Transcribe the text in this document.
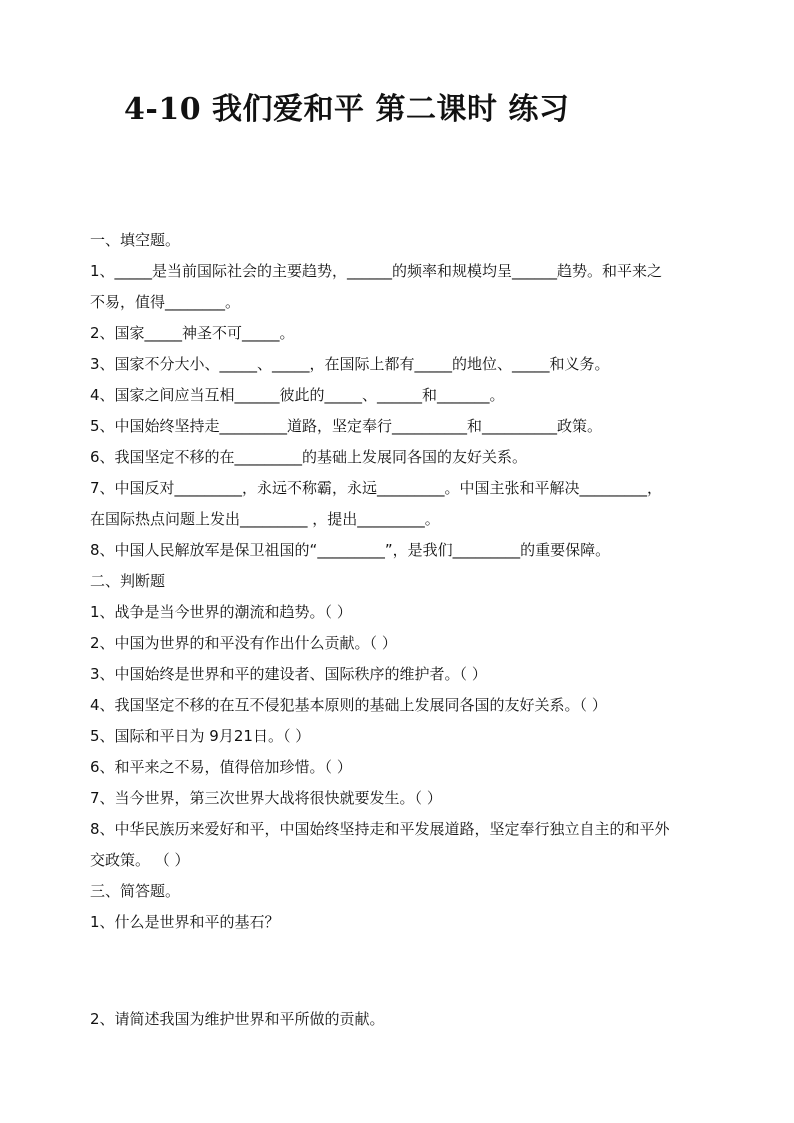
4-10 我们爱和平 第二课时 练习
一、填空题。
1、_____是当前国际社会的主要趋势，______的频率和规模均呈______趋势。和平来之
不易，值得________。
2、国家_____神圣不可_____。
3、国家不分大小、_____、_____，在国际上都有_____的地位、_____和义务。
4、国家之间应当互相______彼此的_____、______和_______。
5、中国始终坚持走_________道路，坚定奉行__________和__________政策。
6、我国坚定不移的在_________的基础上发展同各国的友好关系。
7、中国反对_________，永远不称霸，永远_________。中国主张和平解决_________，
在国际热点问题上发出_________ ，提出_________。
8、中国人民解放军是保卫祖国的“_________”，是我们_________的重要保障。
二、判断题
1、战争是当今世界的潮流和趋势。（ ）
2、中国为世界的和平没有作出什么贡献。（ ）
3、中国始终是世界和平的建设者、国际秩序的维护者。（ ）
4、我国坚定不移的在互不侵犯基本原则的基础上发展同各国的友好关系。（ ）
5、国际和平日为 9月21日。（ ）
6、和平来之不易，值得倍加珍惜。（ ）
7、当今世界，第三次世界大战将很快就要发生。（ ）
8、中华民族历来爱好和平，中国始终坚持走和平发展道路，坚定奉行独立自主的和平外
交政策。 （ ）
三、简答题。
1、什么是世界和平的基石？
2、请简述我国为维护世界和平所做的贡献。
